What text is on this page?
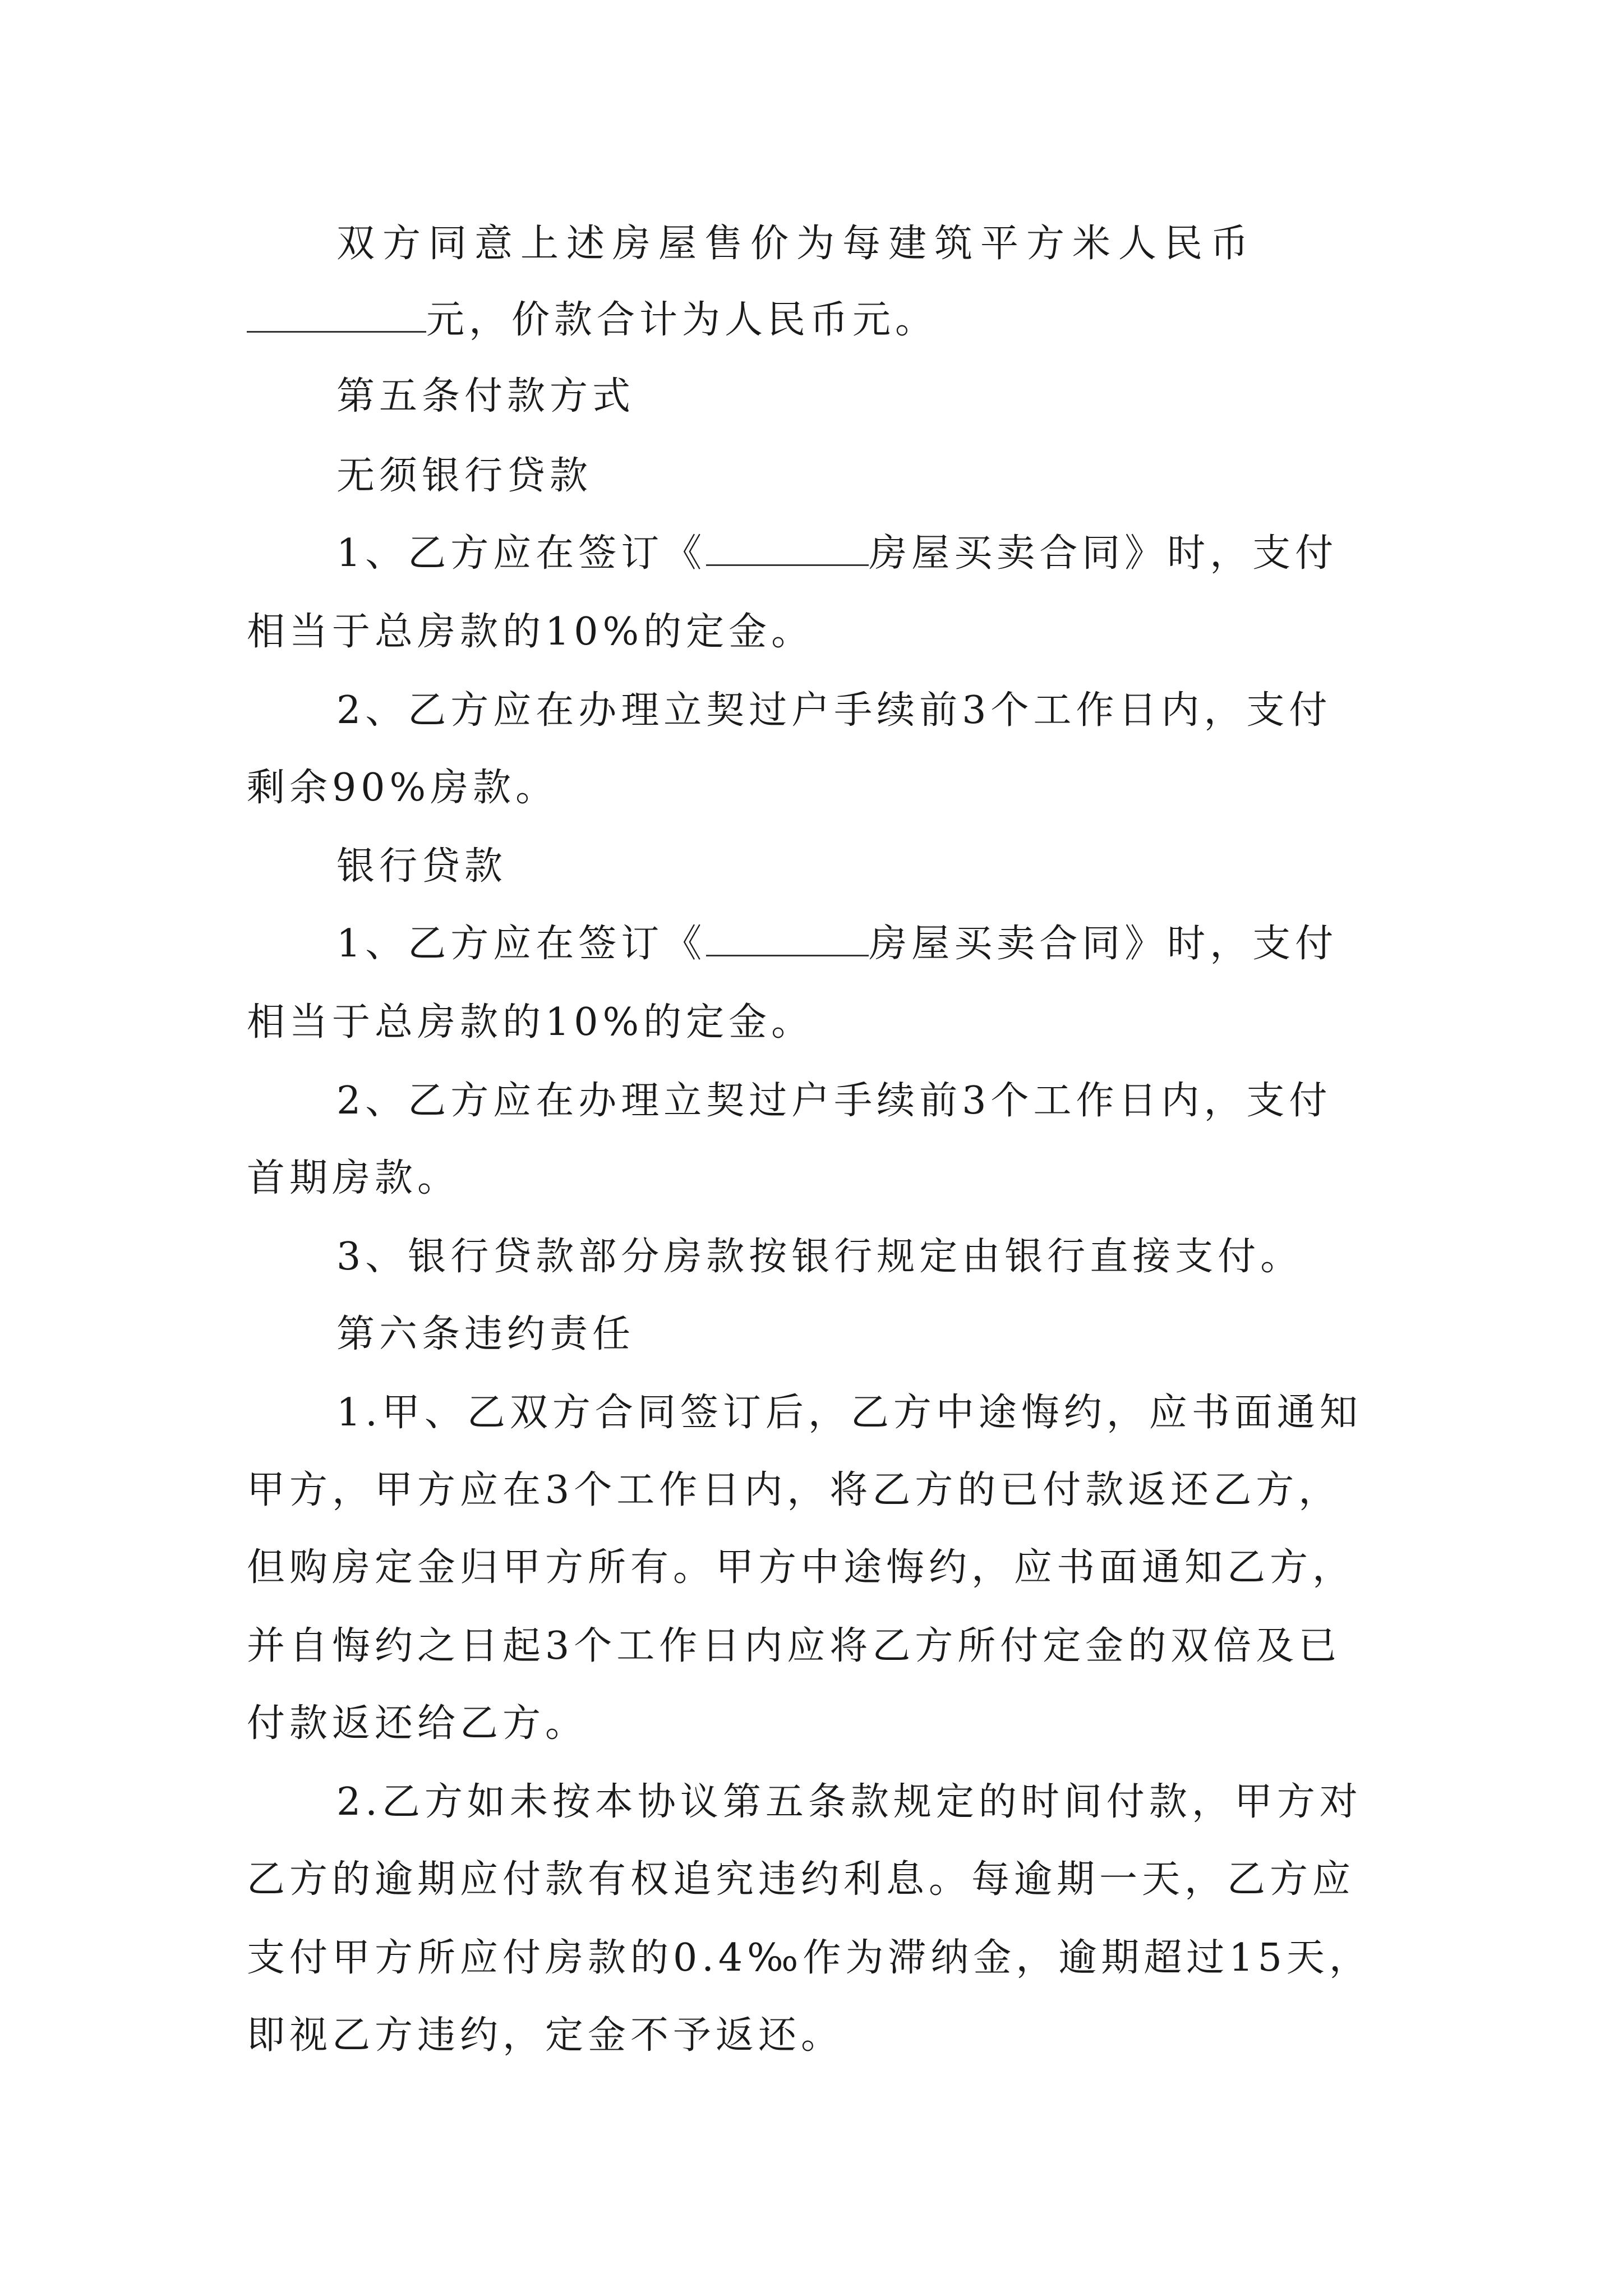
双方同意上述房屋售价为每建筑平方米人民币

元，价款合计为人民币元。

第五条付款方式

无须银行贷款

1、乙方应在签订《	房屋买卖合同》时，支付

相当于总房款的10%的定金。

2、乙方应在办理立契过户手续前3个工作日内，支付

剩余90%房款。

银行贷款

1、乙方应在签订《	房屋买卖合同》时，支付

相当于总房款的10%的定金。

2、乙方应在办理立契过户手续前3个工作日内，支付

首期房款。

3、银行贷款部分房款按银行规定由银行直接支付。

第六条违约责任

1.甲、乙双方合同签订后，乙方中途悔约，应书面通知

甲方，甲方应在3个工作日内，将乙方的已付款返还乙方，

但购房定金归甲方所有。甲方中途悔约，应书面通知乙方，

并自悔约之日起3个工作日内应将乙方所付定金的双倍及已

付款返还给乙方。

2.乙方如未按本协议第五条款规定的时间付款，甲方对

乙方的逾期应付款有权追究违约利息。每逾期一天，乙方应

支付甲方所应付房款的0.4‰作为滞纳金，逾期超过15天，

即视乙方违约，定金不予返还。
